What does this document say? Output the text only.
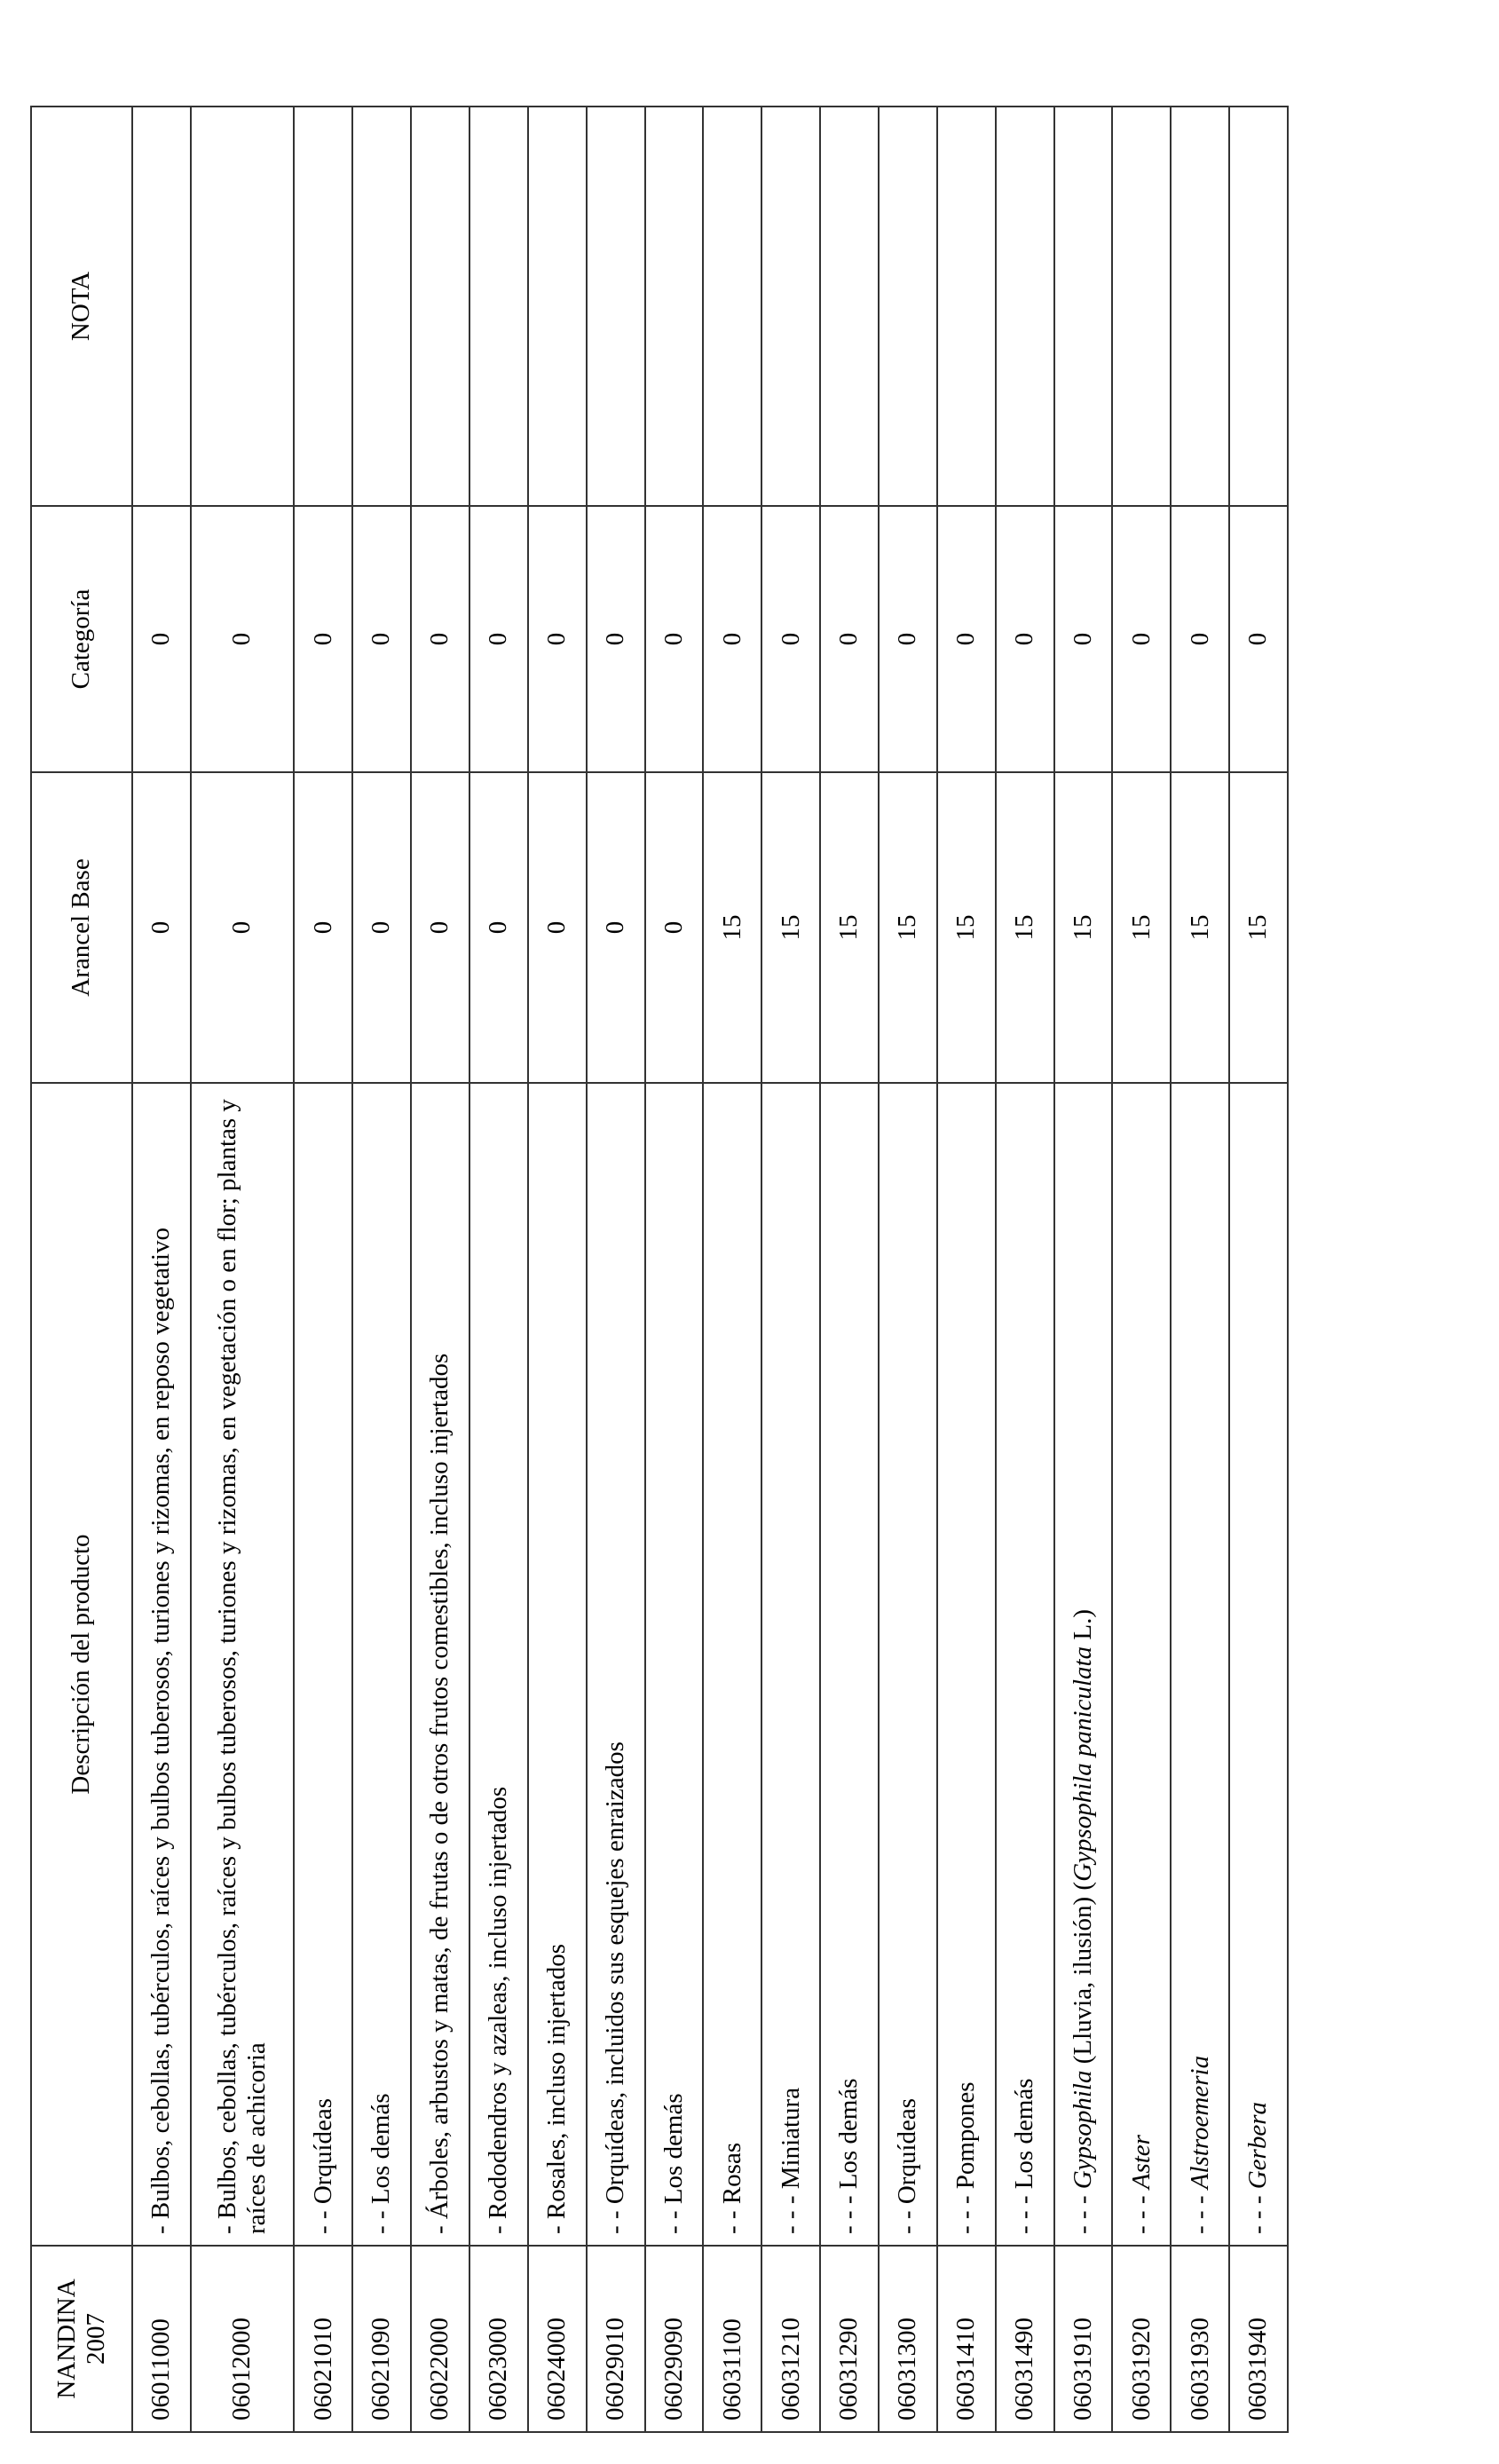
NANDINA 2007	Descripción del producto	Arancel Base	Categoría	NOTA
06011000	- Bulbos, cebollas, tubérculos, raíces y bulbos tuberosos, turiones y rizomas, en reposo vegetativo	0	0	
06012000	- Bulbos, cebollas, tubérculos, raíces y bulbos tuberosos, turiones y rizomas, en vegetación o en flor; plantas y raíces de achicoria	0	0	
06021010	- - Orquídeas	0	0	
06021090	- - Los demás	0	0	
06022000	- Árboles, arbustos y matas, de frutas o de otros frutos comestibles, incluso injertados	0	0	
06023000	- Rododendros y azaleas, incluso injertados	0	0	
06024000	- Rosales, incluso injertados	0	0	
06029010	- - Orquídeas, incluidos sus esquejes enraizados	0	0	
06029090	- - Los demás	0	0	
06031100	- - Rosas	15	0	
06031210	- - - Miniatura	15	0	
06031290	- - - Los demás	15	0	
06031300	- - Orquídeas	15	0	
06031410	- - - Pompones	15	0	
06031490	- - - Los demás	15	0	
06031910	- - - Gypsophila (Lluvia, ilusión) (Gypsophila paniculata L.)	15	0	
06031920	- - - Aster	15	0	
06031930	- - - Alstroemeria	15	0	
06031940	- - - Gerbera	15	0	
